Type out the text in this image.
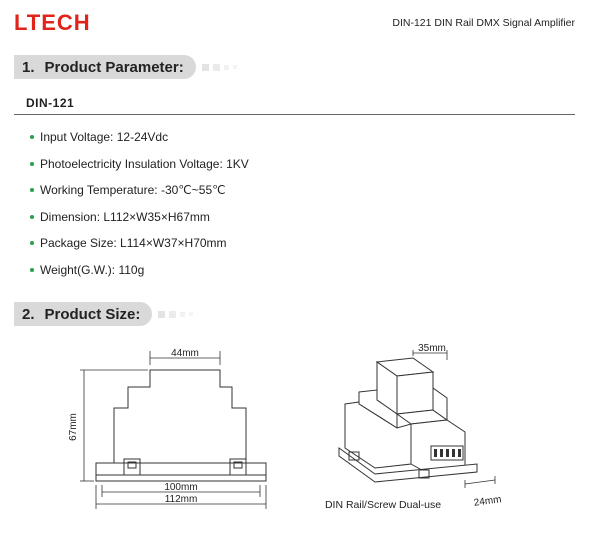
LTECH	DIN-121 DIN Rail DMX Signal Amplifier
1. Product Parameter:
DIN-121
Input Voltage: 12-24Vdc
Photoelectricity Insulation Voltage: 1KV
Working Temperature: -30℃~55℃
Dimension: L112×W35×H67mm
Package Size: L114×W37×H70mm
Weight(G.W.): 110g
2. Product Size:
44mm
67mm
100mm
112mm
35mm
24mm
DIN Rail/Screw Dual-use
